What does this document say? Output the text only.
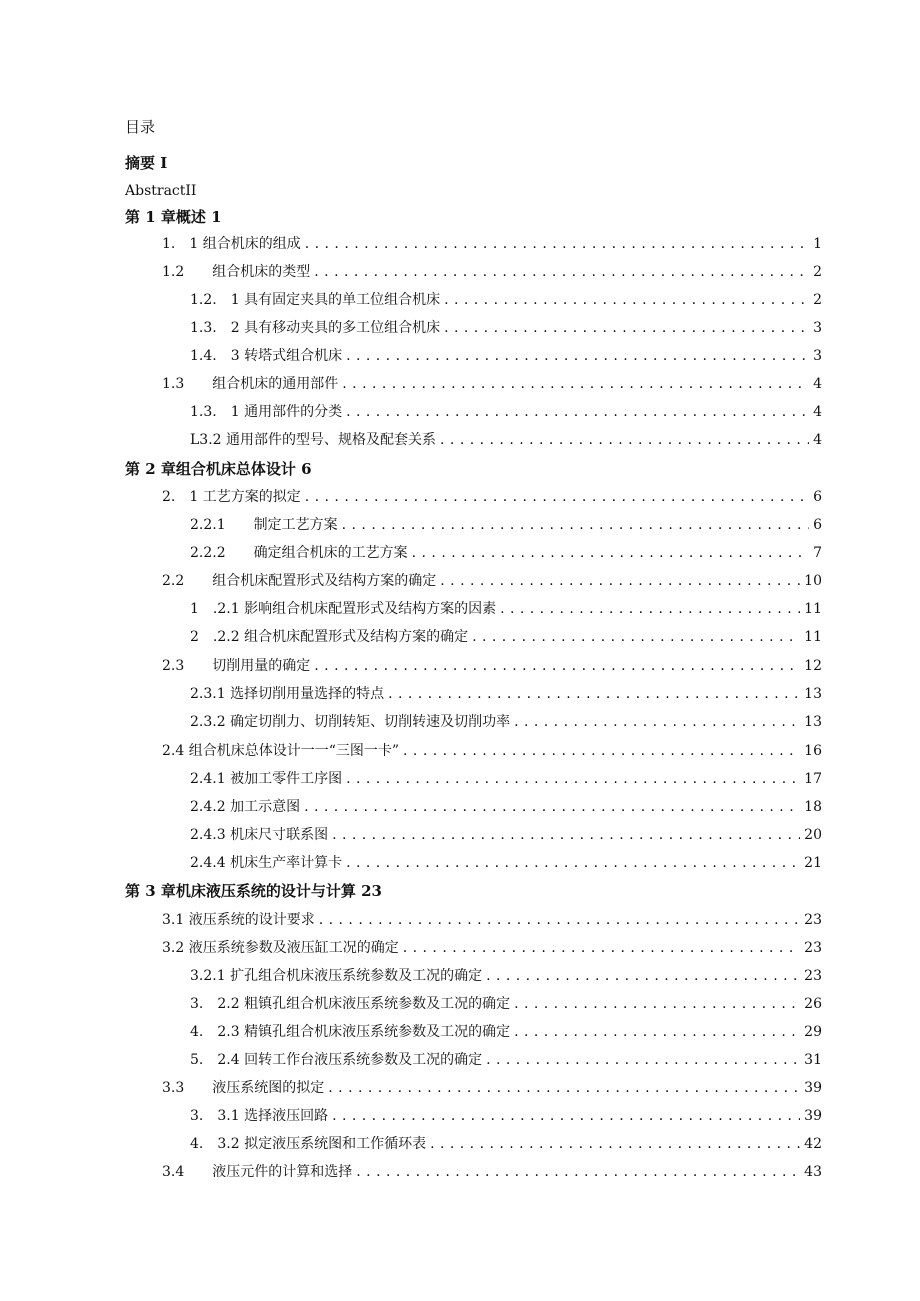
目录
摘要 I
AbstractII
第 1 章概述 1
1.　1 组合机床的组成 . . .	1
1.2　　组合机床的类型 . . .	2
1.2.　1 具有固定夹具的单工位组合机床 . . .	2
1.3.　2 具有移动夹具的多工位组合机床 . . .	3
1.4.　3 转塔式组合机床 . . .	3
1.3　　组合机床的通用部件 . . .	4
1.3.　1 通用部件的分类 . . .	4
L3.2 通用部件的型号、规格及配套关系 . . .	4
第 2 章组合机床总体设计 6
2.　1 工艺方案的拟定 . . .	6
2.2.1　　制定工艺方案 . . .	6
2.2.2　　确定组合机床的工艺方案 . . .	7
2.2　　组合机床配置形式及结构方案的确定 . . .	10
1　.2.1 影响组合机床配置形式及结构方案的因素 . . .	11
2　.2.2 组合机床配置形式及结构方案的确定 . . .	11
2.3　　切削用量的确定 . . .	12
2.3.1 选择切削用量选择的特点 . . .	13
2.3.2 确定切削力、切削转矩、切削转速及切削功率 . . .	13
2.4 组合机床总体设计一一“三图一卡” . . .	16
2.4.1 被加工零件工序图 . . .	17
2.4.2 加工示意图 . . .	18
2.4.3 机床尺寸联系图 . . .	20
2.4.4 机床生产率计算卡 . . .	21
第 3 章机床液压系统的设计与计算 23
3.1 液压系统的设计要求 . . .	23
3.2 液压系统参数及液压缸工况的确定 . . .	23
3.2.1 扩孔组合机床液压系统参数及工况的确定 . . .	23
3.　2.2 粗镇孔组合机床液压系统参数及工况的确定 . . .	26
4.　2.3 精镇孔组合机床液压系统参数及工况的确定 . . .	29
5.　2.4 回转工作台液压系统参数及工况的确定 . . .	31
3.3　　液压系统图的拟定 . . .	39
3.　3.1 选择液压回路 . . .	39
4.　3.2 拟定液压系统图和工作循环表 . . .	42
3.4　　液压元件的计算和选择 . . .	43
